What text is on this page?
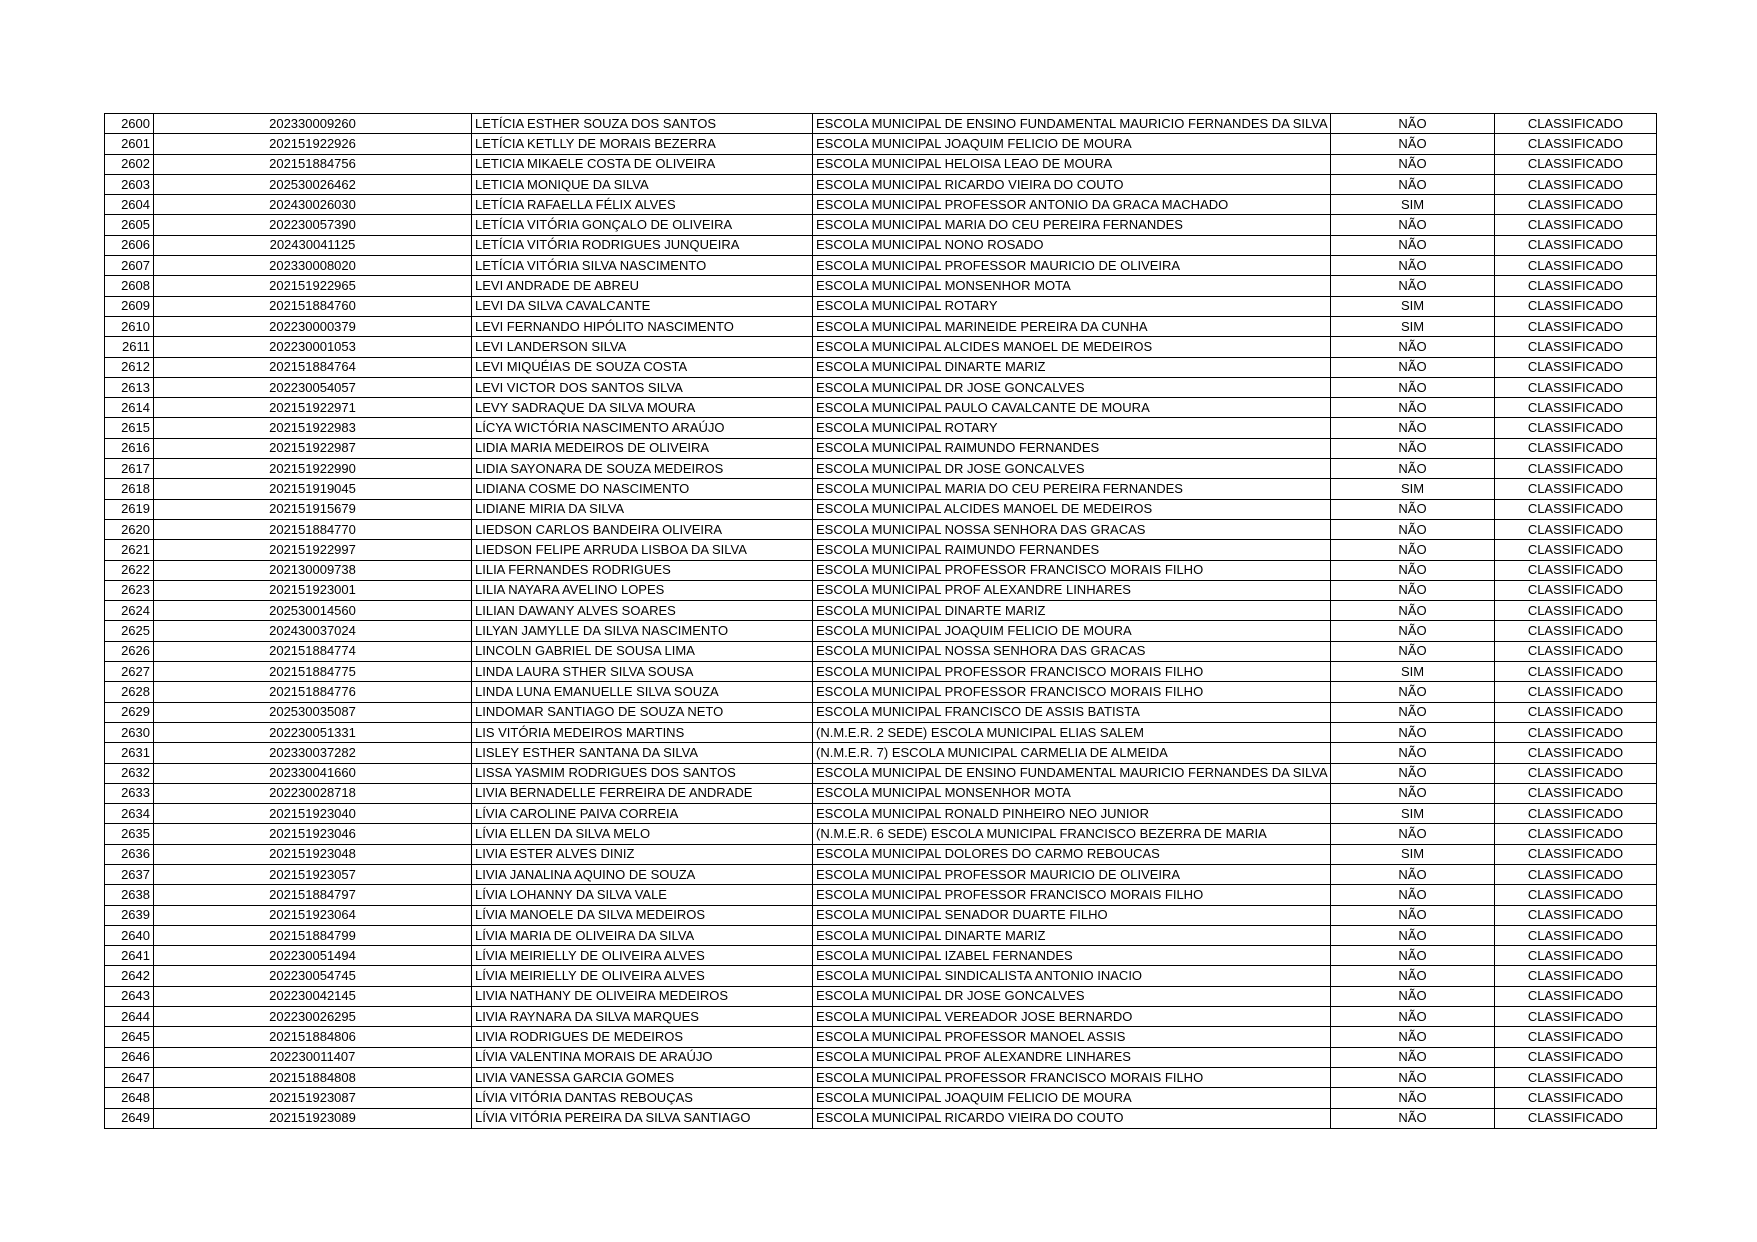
2600	202330009260	LETÍCIA ESTHER SOUZA DOS SANTOS	ESCOLA MUNICIPAL DE ENSINO FUNDAMENTAL MAURICIO FERNANDES DA SILVA	NÃO	CLASSIFICADO
2601	202151922926	LETÍCIA KETLLY DE MORAIS BEZERRA	ESCOLA MUNICIPAL JOAQUIM FELICIO DE MOURA	NÃO	CLASSIFICADO
2602	202151884756	LETICIA MIKAELE COSTA DE OLIVEIRA	ESCOLA MUNICIPAL HELOISA LEAO DE MOURA	NÃO	CLASSIFICADO
2603	202530026462	LETICIA MONIQUE DA SILVA	ESCOLA MUNICIPAL RICARDO VIEIRA DO COUTO	NÃO	CLASSIFICADO
2604	202430026030	LETÍCIA RAFAELLA FÉLIX ALVES	ESCOLA MUNICIPAL PROFESSOR ANTONIO DA GRACA MACHADO	SIM	CLASSIFICADO
2605	202230057390	LETÍCIA VITÓRIA GONÇALO DE OLIVEIRA	ESCOLA MUNICIPAL MARIA DO CEU PEREIRA FERNANDES	NÃO	CLASSIFICADO
2606	202430041125	LETÍCIA VITÓRIA RODRIGUES JUNQUEIRA	ESCOLA MUNICIPAL NONO ROSADO	NÃO	CLASSIFICADO
2607	202330008020	LETÍCIA VITÓRIA SILVA NASCIMENTO	ESCOLA MUNICIPAL PROFESSOR MAURICIO DE OLIVEIRA	NÃO	CLASSIFICADO
2608	202151922965	LEVI ANDRADE DE ABREU	ESCOLA MUNICIPAL MONSENHOR MOTA	NÃO	CLASSIFICADO
2609	202151884760	LEVI DA SILVA CAVALCANTE	ESCOLA MUNICIPAL ROTARY	SIM	CLASSIFICADO
2610	202230000379	LEVI FERNANDO HIPÓLITO NASCIMENTO	ESCOLA MUNICIPAL MARINEIDE PEREIRA DA CUNHA	SIM	CLASSIFICADO
2611	202230001053	LEVI LANDERSON SILVA	ESCOLA MUNICIPAL ALCIDES MANOEL DE MEDEIROS	NÃO	CLASSIFICADO
2612	202151884764	LEVI MIQUÉIAS DE SOUZA COSTA	ESCOLA MUNICIPAL DINARTE MARIZ	NÃO	CLASSIFICADO
2613	202230054057	LEVI VICTOR DOS SANTOS SILVA	ESCOLA MUNICIPAL DR JOSE GONCALVES	NÃO	CLASSIFICADO
2614	202151922971	LEVY SADRAQUE DA SILVA MOURA	ESCOLA MUNICIPAL PAULO CAVALCANTE DE MOURA	NÃO	CLASSIFICADO
2615	202151922983	LÍCYA WICTÓRIA NASCIMENTO ARAÚJO	ESCOLA MUNICIPAL ROTARY	NÃO	CLASSIFICADO
2616	202151922987	LIDIA MARIA MEDEIROS DE OLIVEIRA	ESCOLA MUNICIPAL RAIMUNDO FERNANDES	NÃO	CLASSIFICADO
2617	202151922990	LIDIA SAYONARA DE SOUZA MEDEIROS	ESCOLA MUNICIPAL DR JOSE GONCALVES	NÃO	CLASSIFICADO
2618	202151919045	LIDIANA COSME DO NASCIMENTO	ESCOLA MUNICIPAL MARIA DO CEU PEREIRA FERNANDES	SIM	CLASSIFICADO
2619	202151915679	LIDIANE MIRIA DA SILVA	ESCOLA MUNICIPAL ALCIDES MANOEL DE MEDEIROS	NÃO	CLASSIFICADO
2620	202151884770	LIEDSON CARLOS BANDEIRA OLIVEIRA	ESCOLA MUNICIPAL NOSSA SENHORA DAS GRACAS	NÃO	CLASSIFICADO
2621	202151922997	LIEDSON FELIPE ARRUDA LISBOA DA SILVA	ESCOLA MUNICIPAL RAIMUNDO FERNANDES	NÃO	CLASSIFICADO
2622	202130009738	LILIA FERNANDES RODRIGUES	ESCOLA MUNICIPAL PROFESSOR FRANCISCO MORAIS FILHO	NÃO	CLASSIFICADO
2623	202151923001	LILIA NAYARA AVELINO LOPES	ESCOLA MUNICIPAL PROF ALEXANDRE LINHARES	NÃO	CLASSIFICADO
2624	202530014560	LILIAN DAWANY ALVES SOARES	ESCOLA MUNICIPAL DINARTE MARIZ	NÃO	CLASSIFICADO
2625	202430037024	LILYAN JAMYLLE DA SILVA NASCIMENTO	ESCOLA MUNICIPAL JOAQUIM FELICIO DE MOURA	NÃO	CLASSIFICADO
2626	202151884774	LINCOLN GABRIEL DE SOUSA LIMA	ESCOLA MUNICIPAL NOSSA SENHORA DAS GRACAS	NÃO	CLASSIFICADO
2627	202151884775	LINDA LAURA STHER SILVA SOUSA	ESCOLA MUNICIPAL PROFESSOR FRANCISCO MORAIS FILHO	SIM	CLASSIFICADO
2628	202151884776	LINDA LUNA EMANUELLE SILVA SOUZA	ESCOLA MUNICIPAL PROFESSOR FRANCISCO MORAIS FILHO	NÃO	CLASSIFICADO
2629	202530035087	LINDOMAR SANTIAGO DE SOUZA NETO	ESCOLA MUNICIPAL FRANCISCO DE ASSIS BATISTA	NÃO	CLASSIFICADO
2630	202230051331	LIS VITÓRIA MEDEIROS MARTINS	(N.M.E.R. 2 SEDE) ESCOLA MUNICIPAL ELIAS SALEM	NÃO	CLASSIFICADO
2631	202330037282	LISLEY ESTHER SANTANA DA SILVA	(N.M.E.R. 7) ESCOLA MUNICIPAL CARMELIA DE ALMEIDA	NÃO	CLASSIFICADO
2632	202330041660	LISSA YASMIM RODRIGUES DOS SANTOS	ESCOLA MUNICIPAL DE ENSINO FUNDAMENTAL MAURICIO FERNANDES DA SILVA	NÃO	CLASSIFICADO
2633	202230028718	LIVIA BERNADELLE FERREIRA DE ANDRADE	ESCOLA MUNICIPAL MONSENHOR MOTA	NÃO	CLASSIFICADO
2634	202151923040	LÍVIA CAROLINE PAIVA CORREIA	ESCOLA MUNICIPAL RONALD PINHEIRO NEO JUNIOR	SIM	CLASSIFICADO
2635	202151923046	LÍVIA ELLEN DA SILVA MELO	(N.M.E.R. 6 SEDE) ESCOLA MUNICIPAL FRANCISCO BEZERRA DE MARIA	NÃO	CLASSIFICADO
2636	202151923048	LIVIA ESTER ALVES DINIZ	ESCOLA MUNICIPAL DOLORES DO CARMO REBOUCAS	SIM	CLASSIFICADO
2637	202151923057	LIVIA JANALINA AQUINO DE SOUZA	ESCOLA MUNICIPAL PROFESSOR MAURICIO DE OLIVEIRA	NÃO	CLASSIFICADO
2638	202151884797	LÍVIA LOHANNY DA SILVA VALE	ESCOLA MUNICIPAL PROFESSOR FRANCISCO MORAIS FILHO	NÃO	CLASSIFICADO
2639	202151923064	LÍVIA MANOELE DA SILVA MEDEIROS	ESCOLA MUNICIPAL SENADOR DUARTE FILHO	NÃO	CLASSIFICADO
2640	202151884799	LÍVIA MARIA DE OLIVEIRA DA SILVA	ESCOLA MUNICIPAL DINARTE MARIZ	NÃO	CLASSIFICADO
2641	202230051494	LÍVIA MEIRIELLY DE OLIVEIRA ALVES	ESCOLA MUNICIPAL IZABEL FERNANDES	NÃO	CLASSIFICADO
2642	202230054745	LÍVIA MEIRIELLY DE OLIVEIRA ALVES	ESCOLA MUNICIPAL SINDICALISTA ANTONIO INACIO	NÃO	CLASSIFICADO
2643	202230042145	LIVIA NATHANY DE OLIVEIRA MEDEIROS	ESCOLA MUNICIPAL DR JOSE GONCALVES	NÃO	CLASSIFICADO
2644	202230026295	LIVIA RAYNARA DA SILVA MARQUES	ESCOLA MUNICIPAL VEREADOR JOSE BERNARDO	NÃO	CLASSIFICADO
2645	202151884806	LIVIA RODRIGUES DE MEDEIROS	ESCOLA MUNICIPAL PROFESSOR MANOEL ASSIS	NÃO	CLASSIFICADO
2646	202230011407	LÍVIA VALENTINA MORAIS DE ARAÚJO	ESCOLA MUNICIPAL PROF ALEXANDRE LINHARES	NÃO	CLASSIFICADO
2647	202151884808	LIVIA VANESSA GARCIA GOMES	ESCOLA MUNICIPAL PROFESSOR FRANCISCO MORAIS FILHO	NÃO	CLASSIFICADO
2648	202151923087	LÍVIA VITÓRIA DANTAS REBOUÇAS	ESCOLA MUNICIPAL JOAQUIM FELICIO DE MOURA	NÃO	CLASSIFICADO
2649	202151923089	LÍVIA VITÓRIA PEREIRA DA SILVA SANTIAGO	ESCOLA MUNICIPAL RICARDO VIEIRA DO COUTO	NÃO	CLASSIFICADO
